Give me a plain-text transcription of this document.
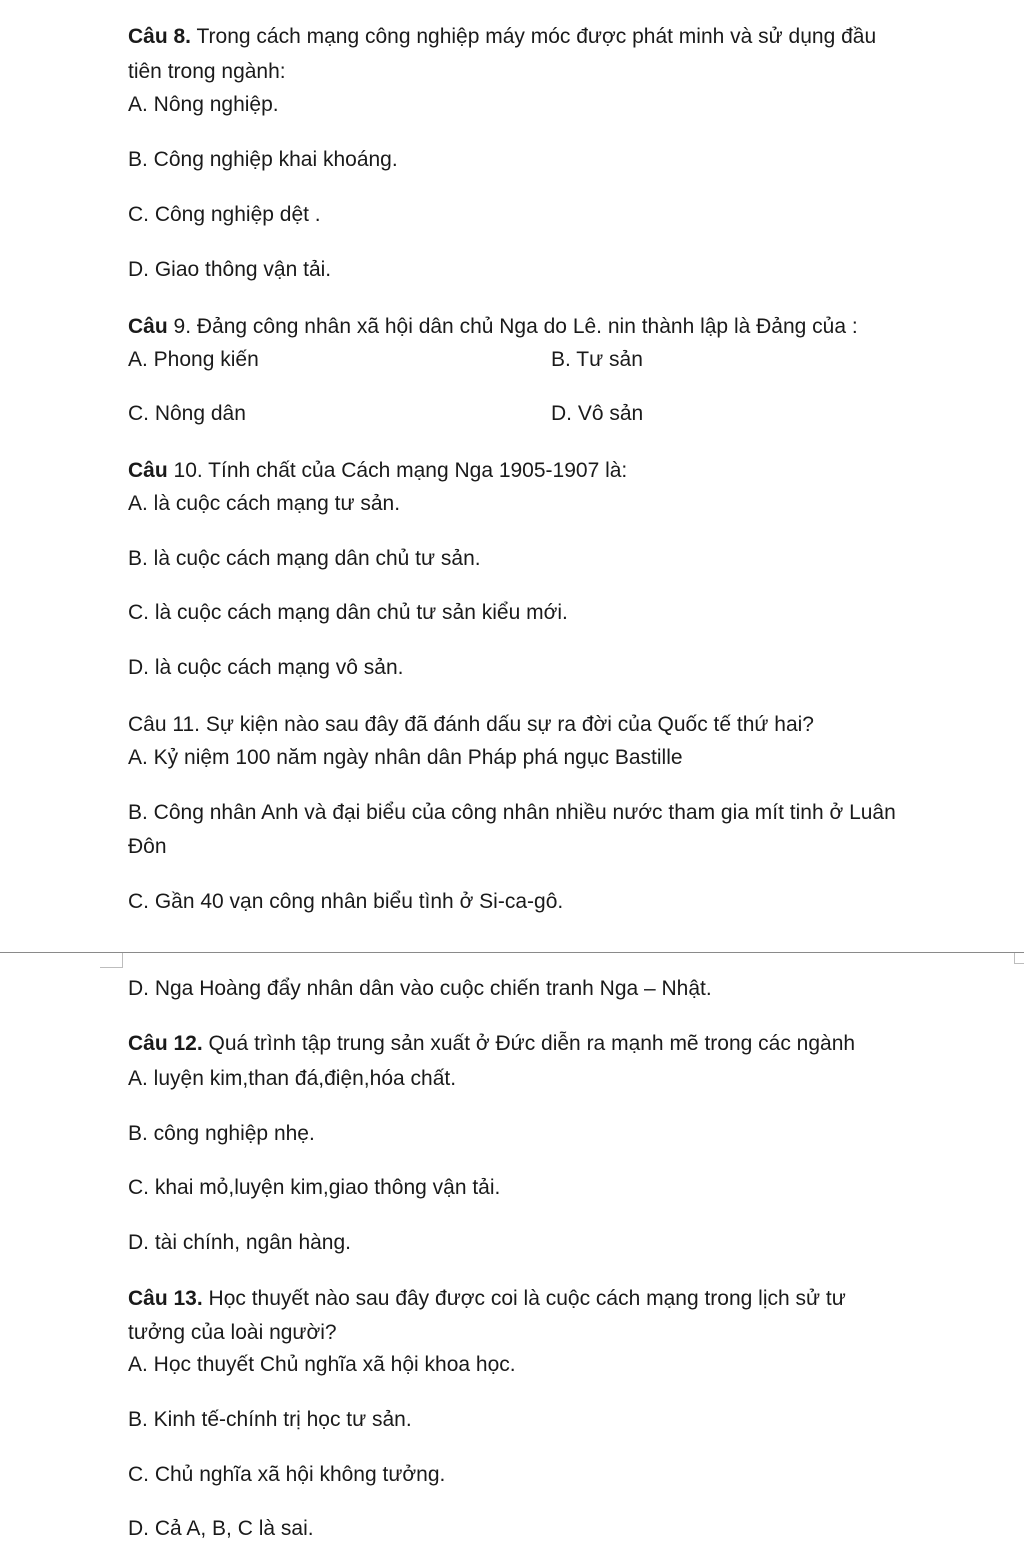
Câu 8. Trong cách mạng công nghiệp máy móc được phát minh và sử dụng đầu
tiên trong ngành:
A. Nông nghiệp.
B. Công nghiệp khai khoáng.
C. Công nghiệp dệt .
D. Giao thông vận tải.
Câu 9. Đảng công nhân xã hội dân chủ Nga do Lê. nin thành lập là Đảng của :
A. Phong kiến	B. Tư sản
C. Nông dân	D. Vô sản
Câu 10. Tính chất của Cách mạng Nga 1905-1907 là:
A. là cuộc cách mạng tư sản.
B. là cuộc cách mạng dân chủ tư sản.
C. là cuộc cách mạng dân chủ tư sản kiểu mới.
D. là cuộc cách mạng vô sản.
Câu 11. Sự kiện nào sau đây đã đánh dấu sự ra đời của Quốc tế thứ hai?
A. Kỷ niệm 100 năm ngày nhân dân Pháp phá ngục Bastille
B. Công nhân Anh và đại biểu của công nhân nhiều nước tham gia mít tinh ở Luân
Đôn
C. Gần 40 vạn công nhân biểu tình ở Si-ca-gô.
D. Nga Hoàng đẩy nhân dân vào cuộc chiến tranh Nga – Nhật.
Câu 12. Quá trình tập trung sản xuất ở Đức diễn ra mạnh mẽ trong các ngành
A. luyện kim,than đá,điện,hóa chất.
B. công nghiệp nhẹ.
C. khai mỏ,luyện kim,giao thông vận tải.
D. tài chính, ngân hàng.
Câu 13. Học thuyết nào sau đây được coi là cuộc cách mạng trong lịch sử tư
tưởng của loài người?
A. Học thuyết Chủ nghĩa xã hội khoa học.
B. Kinh tế-chính trị học tư sản.
C. Chủ nghĩa xã hội không tưởng.
D. Cả A, B, C là sai.
